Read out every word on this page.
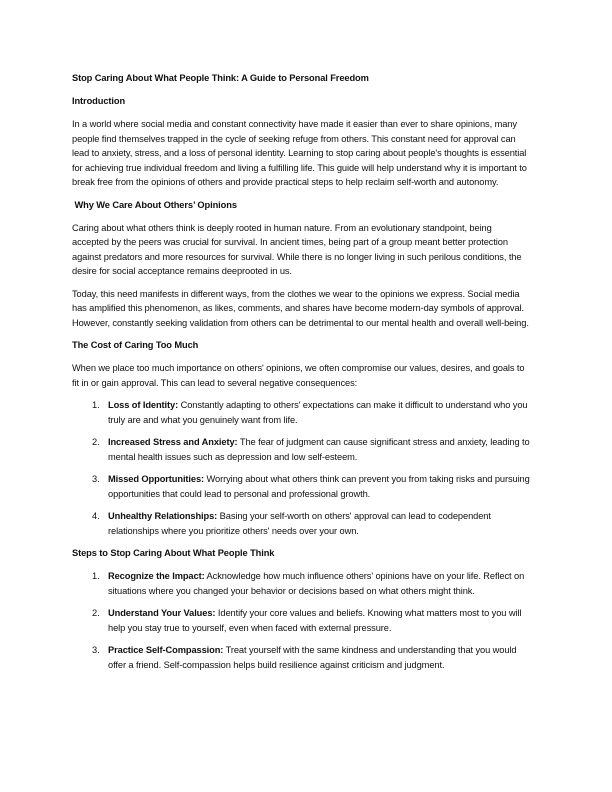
Stop Caring About What People Think: A Guide to Personal Freedom
Introduction

In a world where social media and constant connectivity have made it easier than ever to share opinions, many people find themselves trapped in the cycle of seeking refuge from others. This constant need for approval can lead to anxiety, stress, and a loss of personal identity. Learning to stop caring about people's thoughts is essential for achieving true individual freedom and living a fulfilling life. This guide will help understand why it is important to break free from the opinions of others and provide practical steps to help reclaim self-worth and autonomy.

Why We Care About Others’ Opinions

Caring about what others think is deeply rooted in human nature. From an evolutionary standpoint, being accepted by the peers was crucial for survival. In ancient times, being part of a group meant better protection against predators and more resources for survival. While there is no longer living in such perilous conditions, the desire for social acceptance remains deeprooted in us.

Today, this need manifests in different ways, from the clothes we wear to the opinions we express. Social media has amplified this phenomenon, as likes, comments, and shares have become modern-day symbols of approval. However, constantly seeking validation from others can be detrimental to our mental health and overall well-being.

The Cost of Caring Too Much

When we place too much importance on others' opinions, we often compromise our values, desires, and goals to fit in or gain approval. This can lead to several negative consequences:

1. Loss of Identity: Constantly adapting to others' expectations can make it difficult to understand who you truly are and what you genuinely want from life.
2. Increased Stress and Anxiety: The fear of judgment can cause significant stress and anxiety, leading to mental health issues such as depression and low self-esteem.
3. Missed Opportunities: Worrying about what others think can prevent you from taking risks and pursuing opportunities that could lead to personal and professional growth.
4. Unhealthy Relationships: Basing your self-worth on others' approval can lead to codependent relationships where you prioritize others' needs over your own.
Steps to Stop Caring About What People Think
1. Recognize the Impact: Acknowledge how much influence others' opinions have on your life. Reflect on situations where you changed your behavior or decisions based on what others might think.
2. Understand Your Values: Identify your core values and beliefs. Knowing what matters most to you will help you stay true to yourself, even when faced with external pressure.
3. Practice Self-Compassion: Treat yourself with the same kindness and understanding that you would offer a friend. Self-compassion helps build resilience against criticism and judgment.
